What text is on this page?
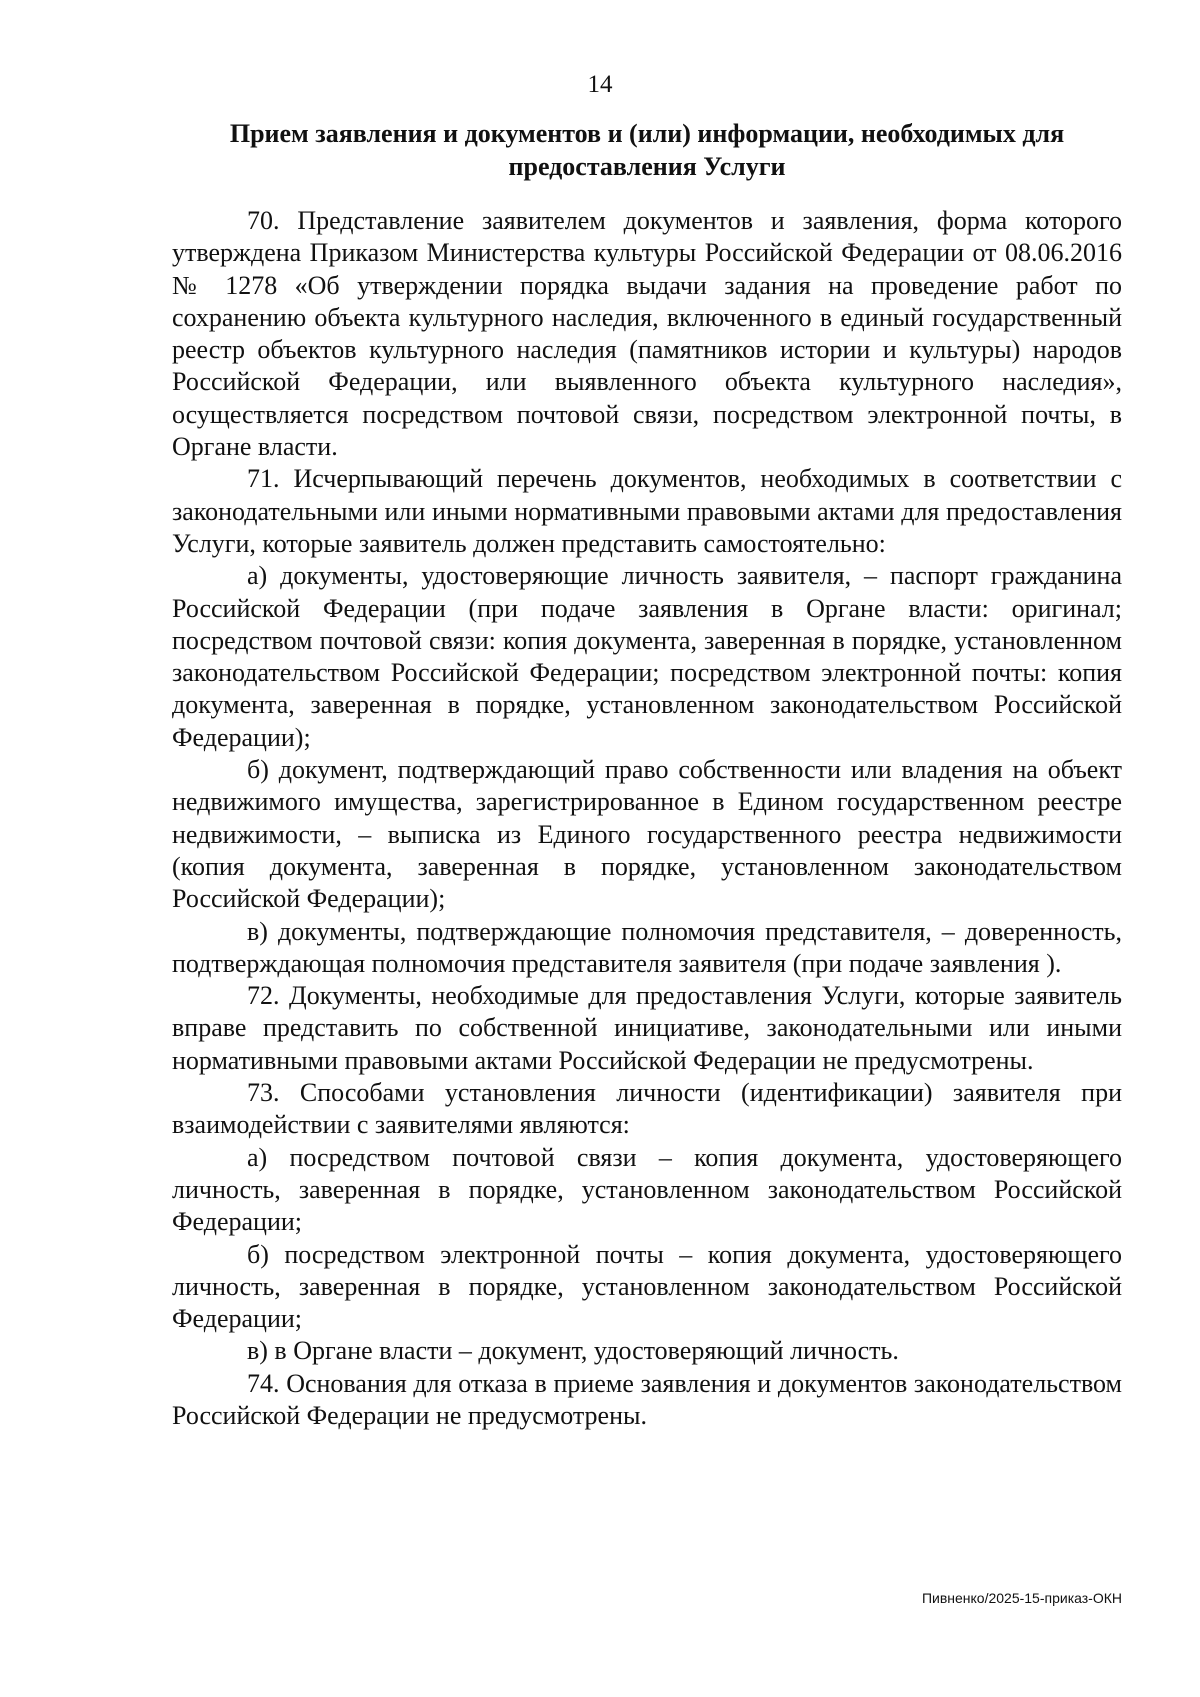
14
Прием заявления и документов и (или) информации, необходимых для предоставления Услуги

70. Представление заявителем документов и заявления, форма которого утверждена Приказом Министерства культуры Российской Федерации от 08.06.2016 № 1278 «Об утверждении порядка выдачи задания на проведение работ по сохранению объекта культурного наследия, включенного в единый государственный реестр объектов культурного наследия (памятников истории и культуры) народов Российской Федерации, или выявленного объекта культурного наследия», осуществляется посредством почтовой связи, посредством электронной почты, в Органе власти.

71. Исчерпывающий перечень документов, необходимых в соответствии с законодательными или иными нормативными правовыми актами для предоставления Услуги, которые заявитель должен представить самостоятельно:

а) документы, удостоверяющие личность заявителя, – паспорт гражданина Российской Федерации (при подаче заявления в Органе власти: оригинал; посредством почтовой связи: копия документа, заверенная в порядке, установленном законодательством Российской Федерации; посредством электронной почты: копия документа, заверенная в порядке, установленном законодательством Российской Федерации);

б) документ, подтверждающий право собственности или владения на объект недвижимого имущества, зарегистрированное в Едином государственном реестре недвижимости, – выписка из Единого государственного реестра недвижимости (копия документа, заверенная в порядке, установленном законодательством Российской Федерации);

в) документы, подтверждающие полномочия представителя, – доверенность, подтверждающая полномочия представителя заявителя (при подаче заявления ).

72. Документы, необходимые для предоставления Услуги, которые заявитель вправе представить по собственной инициативе, законодательными или иными нормативными правовыми актами Российской Федерации не предусмотрены.

73. Способами установления личности (идентификации) заявителя при взаимодействии с заявителями являются:

а) посредством почтовой связи – копия документа, удостоверяющего личность, заверенная в порядке, установленном законодательством Российской Федерации;

б) посредством электронной почты – копия документа, удостоверяющего личность, заверенная в порядке, установленном законодательством Российской Федерации;

в) в Органе власти – документ, удостоверяющий личность.

74. Основания для отказа в приеме заявления и документов законодательством Российской Федерации не предусмотрены.

Пивненко/2025-15-приказ-ОКН
